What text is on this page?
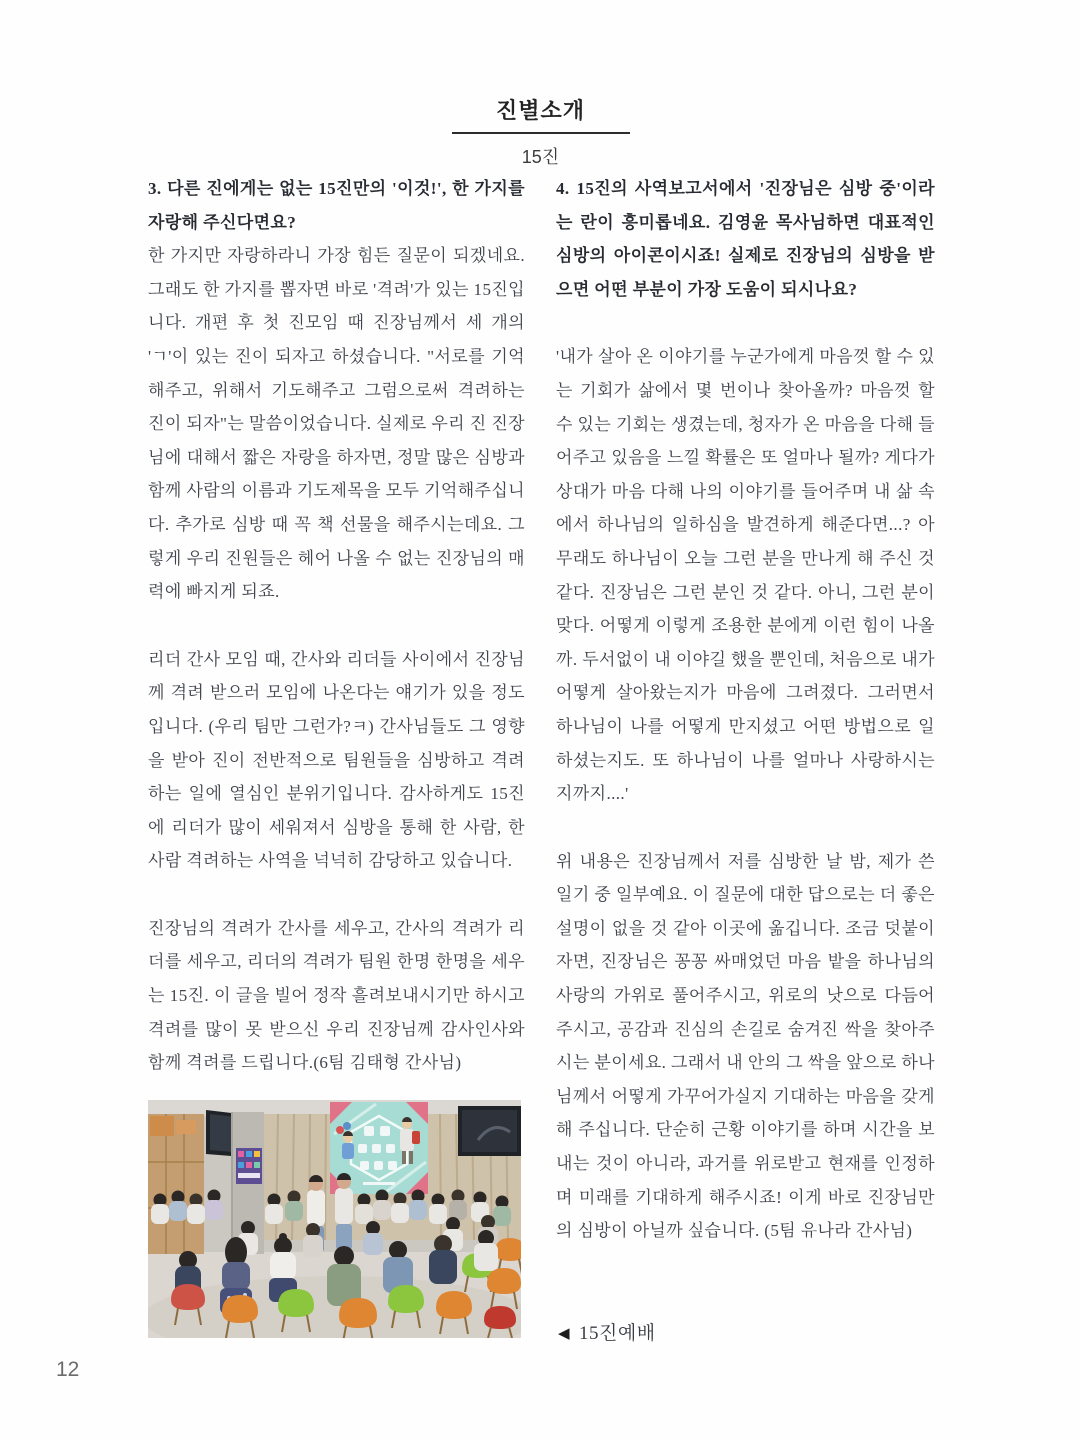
진별소개
15진

3. 다른 진에게는 없는 15진만의 '이것!', 한 가지를 자랑해 주신다면요?

한 가지만 자랑하라니 가장 힘든 질문이 되겠네요. 그래도 한 가지를 뽑자면 바로 '격려'가 있는 15진입니다. 개편 후 첫 진모임 때 진장님께서 세 개의 'ㄱ'이 있는 진이 되자고 하셨습니다. "서로를 기억해주고, 위해서 기도해주고 그럼으로써 격려하는 진이 되자"는 말씀이었습니다. 실제로 우리 진 진장님에 대해서 짧은 자랑을 하자면, 정말 많은 심방과 함께 사람의 이름과 기도제목을 모두 기억해주십니다. 추가로 심방 때 꼭 책 선물을 해주시는데요. 그렇게 우리 진원들은 헤어 나올 수 없는 진장님의 매력에 빠지게 되죠.

리더 간사 모임 때, 간사와 리더들 사이에서 진장님께 격려 받으러 모임에 나온다는 얘기가 있을 정도입니다. (우리 팀만 그런가?ㅋ) 간사님들도 그 영향을 받아 진이 전반적으로 팀원들을 심방하고 격려하는 일에 열심인 분위기입니다. 감사하게도 15진에 리더가 많이 세워져서 심방을 통해 한 사람, 한 사람 격려하는 사역을 넉넉히 감당하고 있습니다.

진장님의 격려가 간사를 세우고, 간사의 격려가 리더를 세우고, 리더의 격려가 팀원 한명 한명을 세우는 15진. 이 글을 빌어 정작 흘려보내시기만 하시고 격려를 많이 못 받으신 우리 진장님께 감사인사와 함께 격려를 드립니다.(6팀 김태형 간사님)

4. 15진의 사역보고서에서 '진장님은 심방 중'이라는 란이 흥미롭네요. 김영윤 목사님하면 대표적인 심방의 아이콘이시죠! 실제로 진장님의 심방을 받으면 어떤 부분이 가장 도움이 되시나요?

'내가 살아 온 이야기를 누군가에게 마음껏 할 수 있는 기회가 삶에서 몇 번이나 찾아올까? 마음껏 할 수 있는 기회는 생겼는데, 청자가 온 마음을 다해 들어주고 있음을 느낄 확률은 또 얼마나 될까? 게다가 상대가 마음 다해 나의 이야기를 들어주며 내 삶 속에서 하나님의 일하심을 발견하게 해준다면...? 아무래도 하나님이 오늘 그런 분을 만나게 해 주신 것 같다. 진장님은 그런 분인 것 같다. 아니, 그런 분이 맞다. 어떻게 이렇게 조용한 분에게 이런 힘이 나올까. 두서없이 내 이야길 했을 뿐인데, 처음으로 내가 어떻게 살아왔는지가 마음에 그려졌다. 그러면서 하나님이 나를 어떻게 만지셨고 어떤 방법으로 일하셨는지도. 또 하나님이 나를 얼마나 사랑하시는 지까지....'

위 내용은 진장님께서 저를 심방한 날 밤, 제가 쓴 일기 중 일부예요. 이 질문에 대한 답으로는 더 좋은 설명이 없을 것 같아 이곳에 옮깁니다. 조금 덧붙이자면, 진장님은 꽁꽁 싸매었던 마음 밭을 하나님의 사랑의 가위로 풀어주시고, 위로의 낫으로 다듬어주시고, 공감과 진심의 손길로 숨겨진 싹을 찾아주시는 분이세요. 그래서 내 안의 그 싹을 앞으로 하나님께서 어떻게 가꾸어가실지 기대하는 마음을 갖게 해 주십니다. 단순히 근황 이야기를 하며 시간을 보내는 것이 아니라, 과거를 위로받고 현재를 인정하며 미래를 기대하게 해주시죠! 이게 바로 진장님만의 심방이 아닐까 싶습니다. (5팀 유나라 간사님)

◀ 15진예배
12
